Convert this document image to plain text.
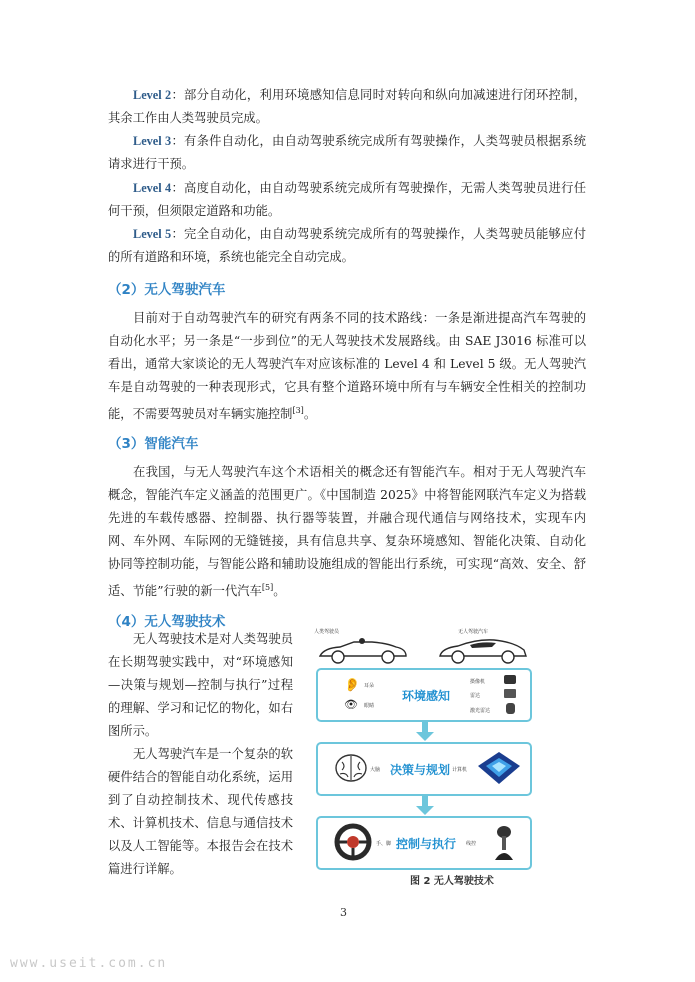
Level 2：部分自动化，利用环境感知信息同时对转向和纵向加减速进行闭环控制，其余工作由人类驾驶员完成。

Level 3：有条件自动化，由自动驾驶系统完成所有驾驶操作，人类驾驶员根据系统请求进行干预。

Level 4：高度自动化，由自动驾驶系统完成所有驾驶操作，无需人类驾驶员进行任何干预，但须限定道路和功能。

Level 5：完全自动化，由自动驾驶系统完成所有的驾驶操作，人类驾驶员能够应付的所有道路和环境，系统也能完全自动完成。

（2）无人驾驶汽车

目前对于自动驾驶汽车的研究有两条不同的技术路线：一条是渐进提高汽车驾驶的自动化水平；另一条是“一步到位”的无人驾驶技术发展路线。由 SAE J3016 标准可以看出，通常大家谈论的无人驾驶汽车对应该标准的 Level 4 和 Level 5 级。无人驾驶汽车是自动驾驶的一种表现形式，它具有整个道路环境中所有与车辆安全性相关的控制功能，不需要驾驶员对车辆实施控制[3]。

（3）智能汽车

在我国，与无人驾驶汽车这个术语相关的概念还有智能汽车。相对于无人驾驶汽车概念，智能汽车定义涵盖的范围更广。《中国制造 2025》中将智能网联汽车定义为搭载先进的车载传感器、控制器、执行器等装置，并融合现代通信与网络技术，实现车内网、车外网、车际网的无缝链接，具有信息共享、复杂环境感知、智能化决策、自动化协同等控制功能，与智能公路和辅助设施组成的智能出行系统，可实现“高效、安全、舒适、节能”行驶的新一代汽车[5]。

（4）无人驾驶技术

无人驾驶技术是对人类驾驶员在长期驾驶实践中，对“环境感知—决策与规划—控制与执行”过程的理解、学习和记忆的物化，如右图所示。

无人驾驶汽车是一个复杂的软硬件结合的智能自动化系统，运用到了自动控制技术、现代传感技术、计算机技术、信息与通信技术以及人工智能等。本报告会在技术篇进行详解。

人类驾驶员	无人驾驶汽车
👂 耳朵
👁 眼睛
环境感知
摄像机
雷达
激光雷达
大脑 决策与规划 计算机
手、脚 控制与执行 线控
图 2 无人驾驶技术
3
www.useit.com.cn
